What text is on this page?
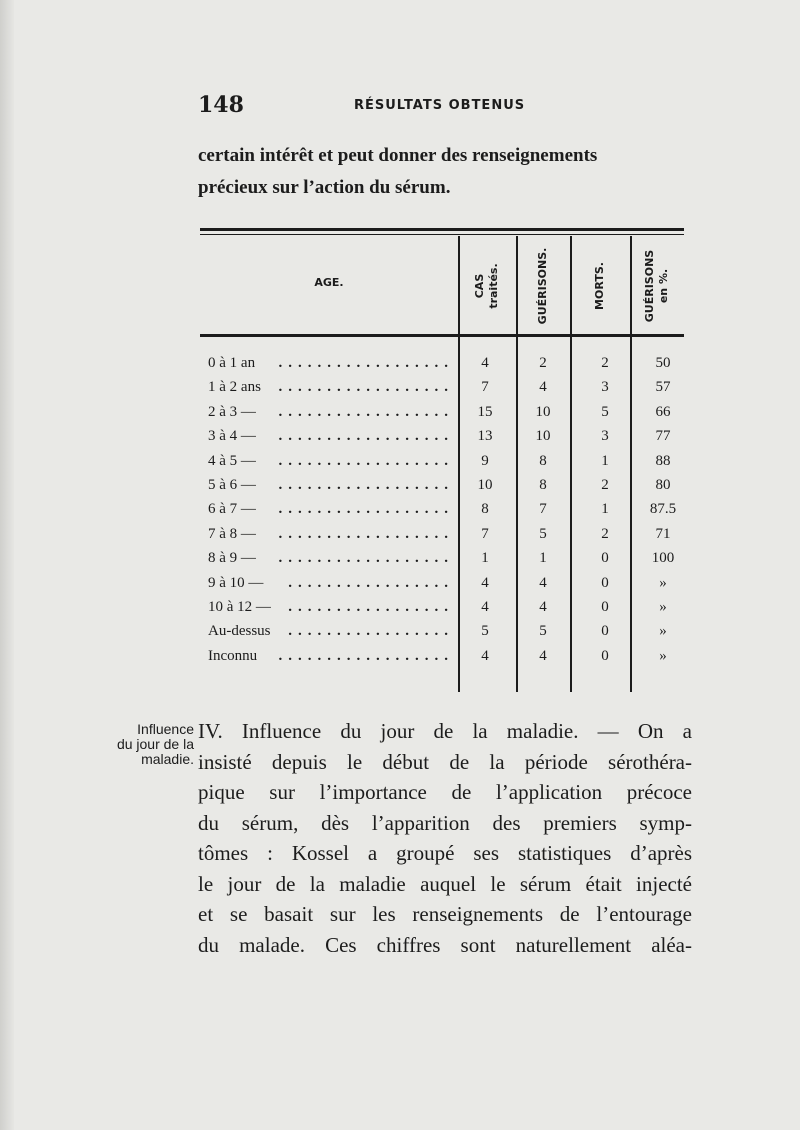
148	RÉSULTATS OBTENUS
certain intérêt et peut donner des renseignements
précieux sur l’action du sérum.
AGE.	CAS traités.	GUÉRISONS.	MORTS.	GUÉRISONS en %.
0 à 1 an	4	2	2	50
..................
1 à 2 ans	7	4	3	57
..................
2 à 3 —	15	10	5	66
..................
3 à 4 —	13	10	3	77
..................
4 à 5 —	9	8	1	88
..................
5 à 6 —	10	8	2	80
..................
6 à 7 —	8	7	1	87.5
..................
7 à 8 —	7	5	2	71
..................
8 à 9 —	1	1	0	100
..................
9 à 10 —	4	4	0	»
.................
10 à 12 —	4	4	0	»
.................
Au-dessus	5	5	0	»
.................
Inconnu	4	4	0	»
..................
Influence
du jour de la
maladie.
IV. Influence du jour de la maladie. — On a
insisté depuis le début de la période sérothéra-
pique sur l’importance de l’application précoce
du sérum, dès l’apparition des premiers symp-
tômes : Kossel a groupé ses statistiques d’après
le jour de la maladie auquel le sérum était injecté
et se basait sur les renseignements de l’entourage
du malade. Ces chiffres sont naturellement aléa-
